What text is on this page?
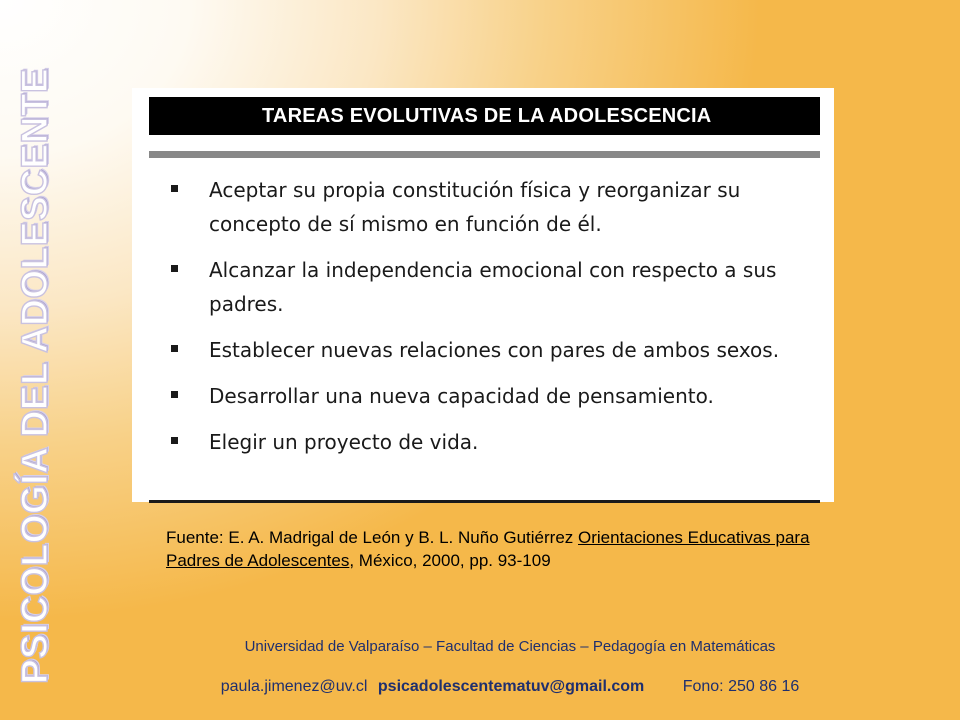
PSICOLOGÍA DEL ADOLESCENTE	TAREAS EVOLUTIVAS DE LA ADOLESCENCIA
Aceptar su propia constitución física y reorganizar su concepto de sí mismo en función de él.
Alcanzar la independencia emocional con respecto a sus padres.
Establecer nuevas relaciones con pares de ambos sexos.
Desarrollar una nueva capacidad de pensamiento.
Elegir un proyecto de vida.
Fuente: E. A. Madrigal de León y B. L. Nuño Gutiérrez Orientaciones Educativas para Padres de Adolescentes, México, 2000, pp. 93-109
Universidad de Valparaíso – Facultad de Ciencias – Pedagogía en Matemáticas
paula.jimenez@uv.cl psicadolescentematuv@gmail.com Fono: 250 86 16
